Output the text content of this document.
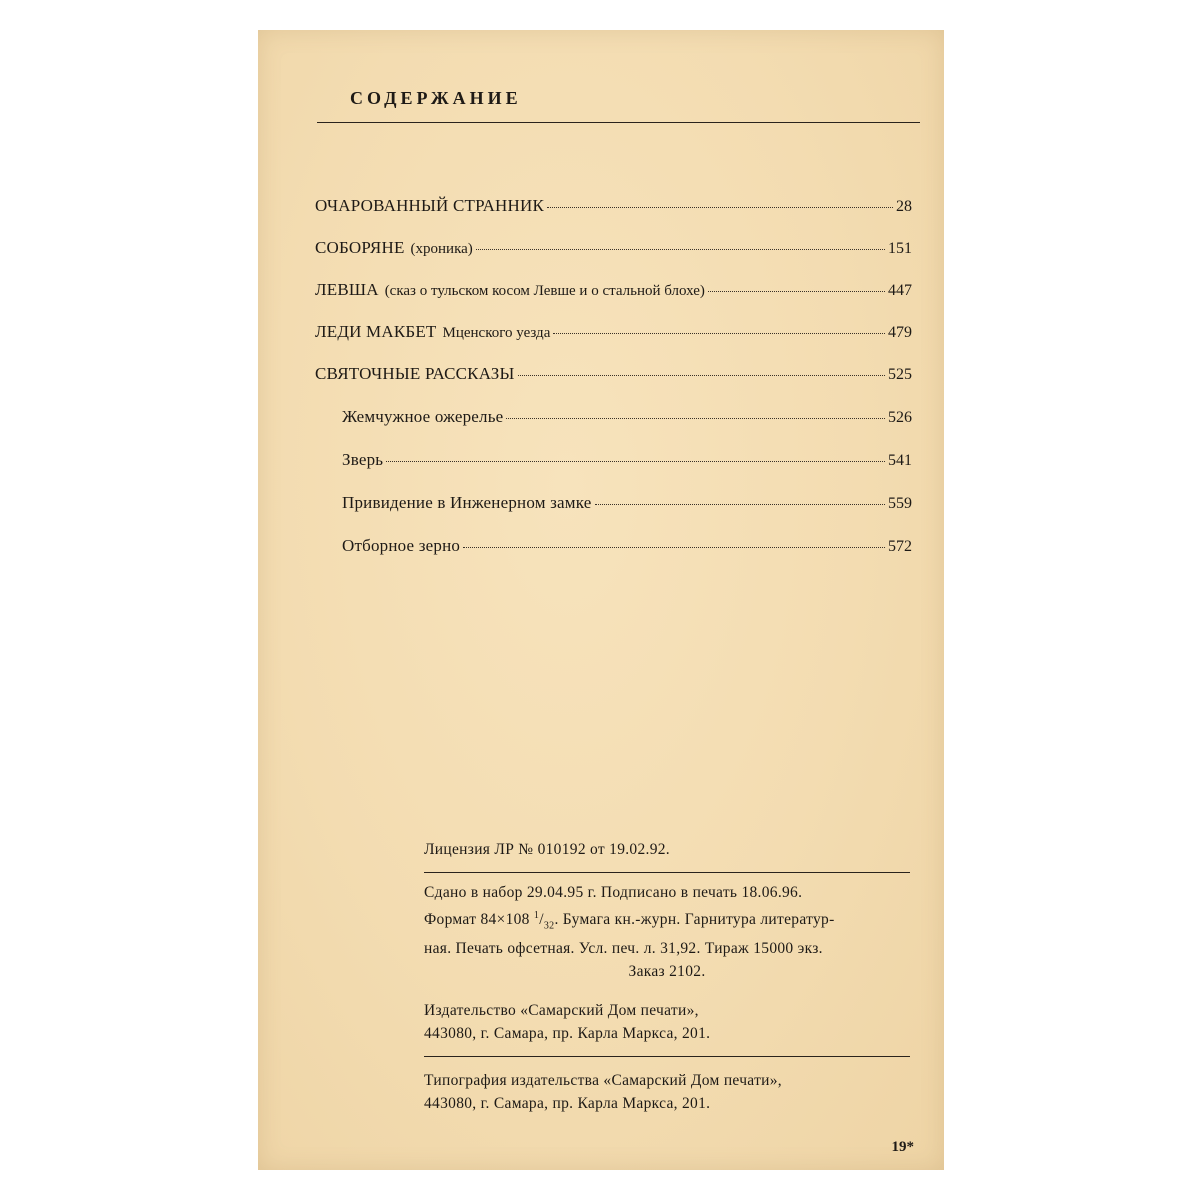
СОДЕРЖАНИЕ
ОЧАРОВАННЫЙ СТРАННИК	28
СОБОРЯНЕ (хроника)	151
ЛЕВША (сказ о тульском косом Левше и о стальной блохе)	447
ЛЕДИ МАКБЕТ Мценского уезда	479
СВЯТОЧНЫЕ РАССКАЗЫ	525
Жемчужное ожерелье	526
Зверь	541
Привидение в Инженерном замке	559
Отборное зерно	572

Лицензия ЛР № 010192 от 19.02.92.

Сдано в набор 29.04.95 г. Подписано в печать 18.06.96.

Формат 84×108 $^1/_{32}$. Бумага кн.-журн. Гарнитура литератур-

ная. Печать офсетная. Усл. печ. л. 31,92. Тираж 15000 экз.

Заказ 2102.

Издательство «Самарский Дом печати»,

443080, г. Самара, пр. Карла Маркса, 201.

Типография издательства «Самарский Дом печати»,

443080, г. Самара, пр. Карла Маркса, 201.

19*
